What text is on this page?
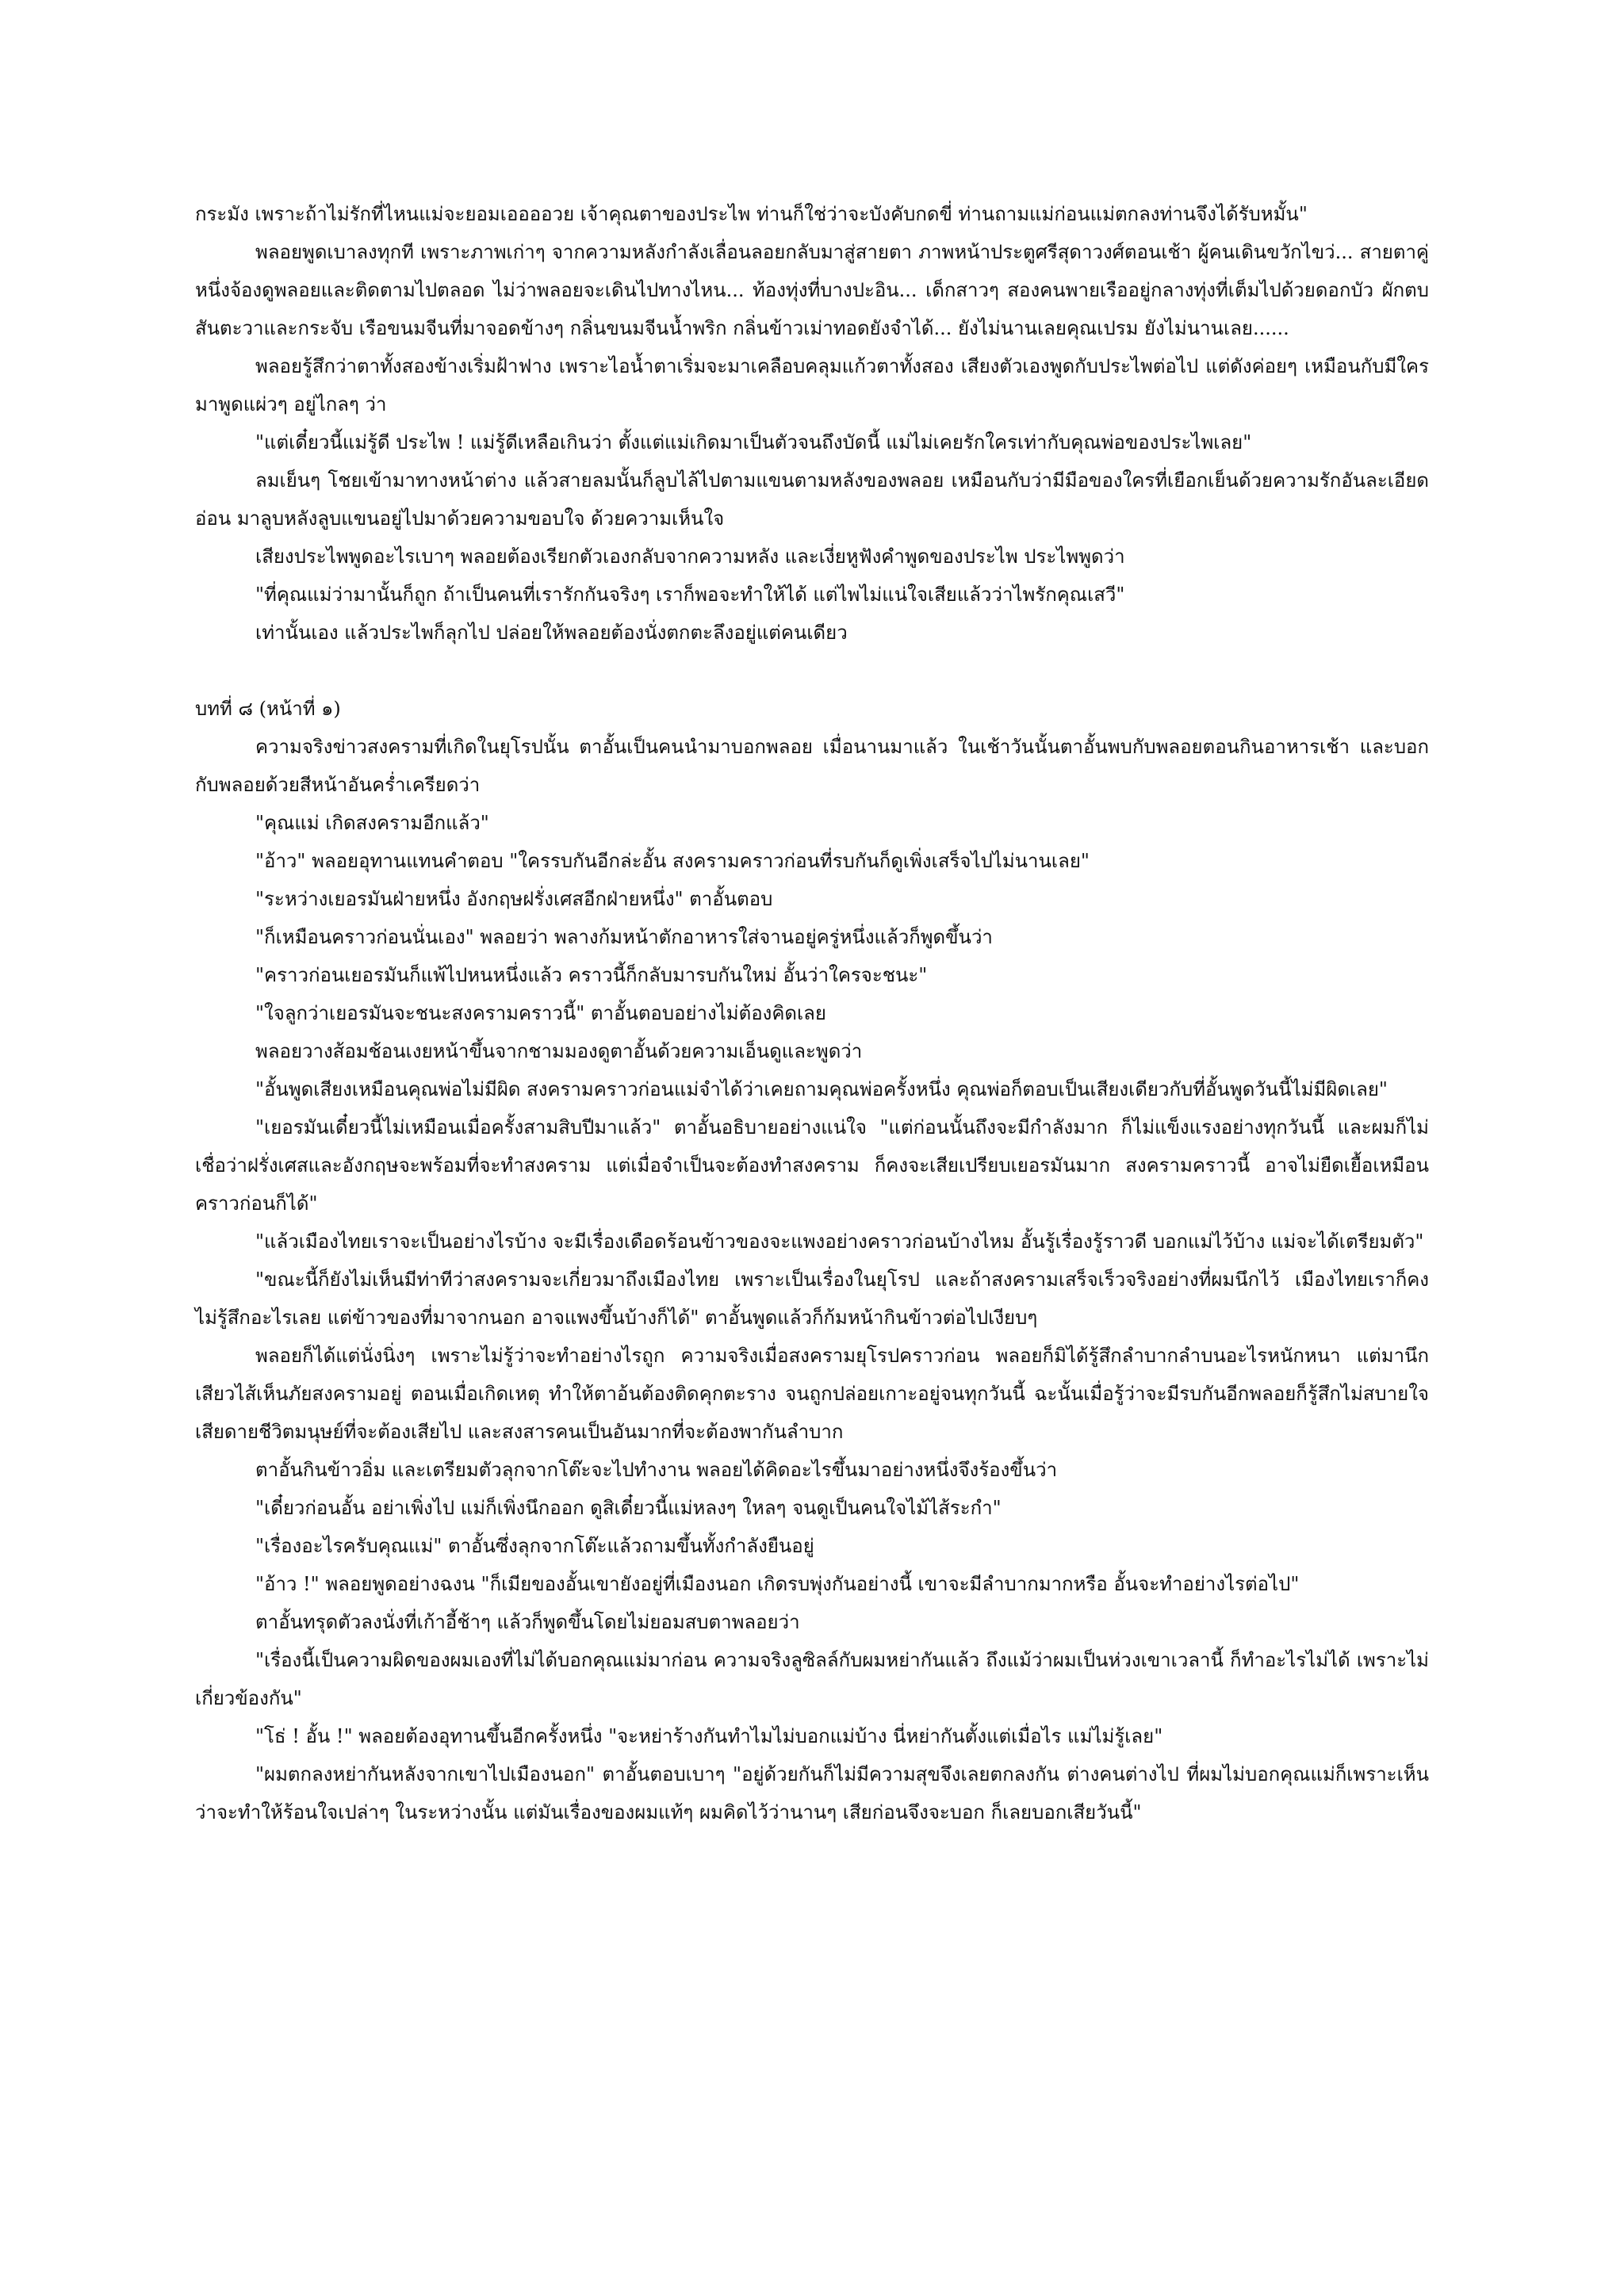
กระมัง เพราะถ้าไม่รักที่ไหนแม่จะยอมเออออวย เจ้าคุณตาของประไพ ท่านก็ใช่ว่าจะบังคับกดขี่ ท่านถามแม่ก่อนแม่ตกลงท่านจึงได้รับหมั้น"

พลอยพูดเบาลงทุกที เพราะภาพเก่าๆ จากความหลังกำลังเลื่อนลอยกลับมาสู่สายตา ภาพหน้าประตูศรีสุดาวงศ์ตอนเช้า ผู้คนเดินขวักไขว่... สายตาคู่หนึ่งจ้องดูพลอยและติดตามไปตลอด ไม่ว่าพลอยจะเดินไปทางไหน... ท้องทุ่งที่บางปะอิน... เด็กสาวๆ สองคนพายเรืออยู่กลางทุ่งที่เต็มไปด้วยดอกบัว ผักตบสันตะวาและกระจับ เรือขนมจีนที่มาจอดข้างๆ กลิ่นขนมจีนน้ำพริก กลิ่นข้าวเม่าทอดยังจำได้... ยังไม่นานเลยคุณเปรม ยังไม่นานเลย......

พลอยรู้สึกว่าตาทั้งสองข้างเริ่มฝ้าฟาง เพราะไอน้ำตาเริ่มจะมาเคลือบคลุมแก้วตาทั้งสอง เสียงตัวเองพูดกับประไพต่อไป แต่ดังค่อยๆ เหมือนกับมีใครมาพูดแผ่วๆ อยู่ไกลๆ ว่า

"แต่เดี๋ยวนี้แม่รู้ดี ประไพ ! แม่รู้ดีเหลือเกินว่า ตั้งแต่แม่เกิดมาเป็นตัวจนถึงบัดนี้ แม่ไม่เคยรักใครเท่ากับคุณพ่อของประไพเลย"

ลมเย็นๆ โชยเข้ามาทางหน้าต่าง แล้วสายลมนั้นก็ลูบไล้ไปตามแขนตามหลังของพลอย เหมือนกับว่ามีมือของใครที่เยือกเย็นด้วยความรักอันละเอียดอ่อน มาลูบหลังลูบแขนอยู่ไปมาด้วยความขอบใจ ด้วยความเห็นใจ

เสียงประไพพูดอะไรเบาๆ พลอยต้องเรียกตัวเองกลับจากความหลัง และเงี่ยหูฟังคำพูดของประไพ ประไพพูดว่า

"ที่คุณแม่ว่ามานั้นก็ถูก ถ้าเป็นคนที่เรารักกันจริงๆ เราก็พอจะทำให้ได้ แต่ไพไม่แน่ใจเสียแล้วว่าไพรักคุณเสวี"

เท่านั้นเอง แล้วประไพก็ลุกไป ปล่อยให้พลอยต้องนั่งตกตะลึงอยู่แต่คนเดียว

บทที่ ๘ (หน้าที่ ๑)

ความจริงข่าวสงครามที่เกิดในยุโรปนั้น ตาอั้นเป็นคนนำมาบอกพลอย เมื่อนานมาแล้ว ในเช้าวันนั้นตาอั้นพบกับพลอยตอนกินอาหารเช้า และบอกกับพลอยด้วยสีหน้าอันคร่ำเครียดว่า

"คุณแม่ เกิดสงครามอีกแล้ว"

"อ้าว" พลอยอุทานแทนคำตอบ "ใครรบกันอีกล่ะอั้น สงครามคราวก่อนที่รบกันก็ดูเพิ่งเสร็จไปไม่นานเลย"

"ระหว่างเยอรมันฝ่ายหนึ่ง อังกฤษฝรั่งเศสอีกฝ่ายหนึ่ง" ตาอั้นตอบ

"ก็เหมือนคราวก่อนนั่นเอง" พลอยว่า พลางก้มหน้าตักอาหารใส่จานอยู่ครู่หนึ่งแล้วก็พูดขึ้นว่า

"คราวก่อนเยอรมันก็แพ้ไปหนหนึ่งแล้ว คราวนี้ก็กลับมารบกันใหม่ อั้นว่าใครจะชนะ"

"ใจลูกว่าเยอรมันจะชนะสงครามคราวนี้" ตาอั้นตอบอย่างไม่ต้องคิดเลย

พลอยวางส้อมช้อนเงยหน้าขึ้นจากชามมองดูตาอั้นด้วยความเอ็นดูและพูดว่า

"อั้นพูดเสียงเหมือนคุณพ่อไม่มีผิด สงครามคราวก่อนแม่จำได้ว่าเคยถามคุณพ่อครั้งหนึ่ง คุณพ่อก็ตอบเป็นเสียงเดียวกับที่อั้นพูดวันนี้ไม่มีผิดเลย"

"เยอรมันเดี๋ยวนี้ไม่เหมือนเมื่อครั้งสามสิบปีมาแล้ว" ตาอั้นอธิบายอย่างแน่ใจ "แต่ก่อนนั้นถึงจะมีกำลังมาก ก็ไม่แข็งแรงอย่างทุกวันนี้ และผมก็ไม่เชื่อว่าฝรั่งเศสและอังกฤษจะพร้อมที่จะทำสงคราม แต่เมื่อจำเป็นจะต้องทำสงคราม ก็คงจะเสียเปรียบเยอรมันมาก สงครามคราวนี้ อาจไม่ยืดเยื้อเหมือนคราวก่อนก็ได้"

"แล้วเมืองไทยเราจะเป็นอย่างไรบ้าง จะมีเรื่องเดือดร้อนข้าวของจะแพงอย่างคราวก่อนบ้างไหม อั้นรู้เรื่องรู้ราวดี บอกแม่ไว้บ้าง แม่จะได้เตรียมตัว"

"ขณะนี้ก็ยังไม่เห็นมีท่าทีว่าสงครามจะเกี่ยวมาถึงเมืองไทย เพราะเป็นเรื่องในยุโรป และถ้าสงครามเสร็จเร็วจริงอย่างที่ผมนึกไว้ เมืองไทยเราก็คงไม่รู้สึกอะไรเลย แต่ข้าวของที่มาจากนอก อาจแพงขึ้นบ้างก็ได้" ตาอั้นพูดแล้วก็ก้มหน้ากินข้าวต่อไปเงียบๆ

พลอยก็ได้แต่นั่งนิ่งๆ เพราะไม่รู้ว่าจะทำอย่างไรถูก ความจริงเมื่อสงครามยุโรปคราวก่อน พลอยก็มิได้รู้สึกลำบากลำบนอะไรหนักหนา แต่มานึกเสียวไส้เห็นภัยสงครามอยู่ ตอนเมื่อเกิดเหตุ ทำให้ตาอ้นต้องติดคุกตะราง จนถูกปล่อยเกาะอยู่จนทุกวันนี้ ฉะนั้นเมื่อรู้ว่าจะมีรบกันอีกพลอยก็รู้สึกไม่สบายใจ เสียดายชีวิตมนุษย์ที่จะต้องเสียไป และสงสารคนเป็นอันมากที่จะต้องพากันลำบาก

ตาอั้นกินข้าวอิ่ม และเตรียมตัวลุกจากโต๊ะจะไปทำงาน พลอยได้คิดอะไรขึ้นมาอย่างหนึ่งจึงร้องขึ้นว่า

"เดี๋ยวก่อนอั้น อย่าเพิ่งไป แม่ก็เพิ่งนึกออก ดูสิเดี๋ยวนี้แม่หลงๆ ใหลๆ จนดูเป็นคนใจไม้ไส้ระกำ"

"เรื่องอะไรครับคุณแม่" ตาอั้นซึ่งลุกจากโต๊ะแล้วถามขึ้นทั้งกำลังยืนอยู่

"อ้าว !" พลอยพูดอย่างฉงน "ก็เมียของอั้นเขายังอยู่ที่เมืองนอก เกิดรบพุ่งกันอย่างนี้ เขาจะมีลำบากมากหรือ อั้นจะทำอย่างไรต่อไป"

ตาอั้นทรุดตัวลงนั่งที่เก้าอี้ช้าๆ แล้วก็พูดขึ้นโดยไม่ยอมสบตาพลอยว่า

"เรื่องนี้เป็นความผิดของผมเองที่ไม่ได้บอกคุณแม่มาก่อน ความจริงลูซิลล์กับผมหย่ากันแล้ว ถึงแม้ว่าผมเป็นห่วงเขาเวลานี้ ก็ทำอะไรไม่ได้ เพราะไม่เกี่ยวข้องกัน"

"โธ่ ! อั้น !" พลอยต้องอุทานขึ้นอีกครั้งหนึ่ง "จะหย่าร้างกันทำไมไม่บอกแม่บ้าง นี่หย่ากันตั้งแต่เมื่อไร แม่ไม่รู้เลย"

"ผมตกลงหย่ากันหลังจากเขาไปเมืองนอก" ตาอั้นตอบเบาๆ "อยู่ด้วยกันก็ไม่มีความสุขจึงเลยตกลงกัน ต่างคนต่างไป ที่ผมไม่บอกคุณแม่ก็เพราะเห็นว่าจะทำให้ร้อนใจเปล่าๆ ในระหว่างนั้น แต่มันเรื่องของผมแท้ๆ ผมคิดไว้ว่านานๆ เสียก่อนจึงจะบอก ก็เลยบอกเสียวันนี้"
